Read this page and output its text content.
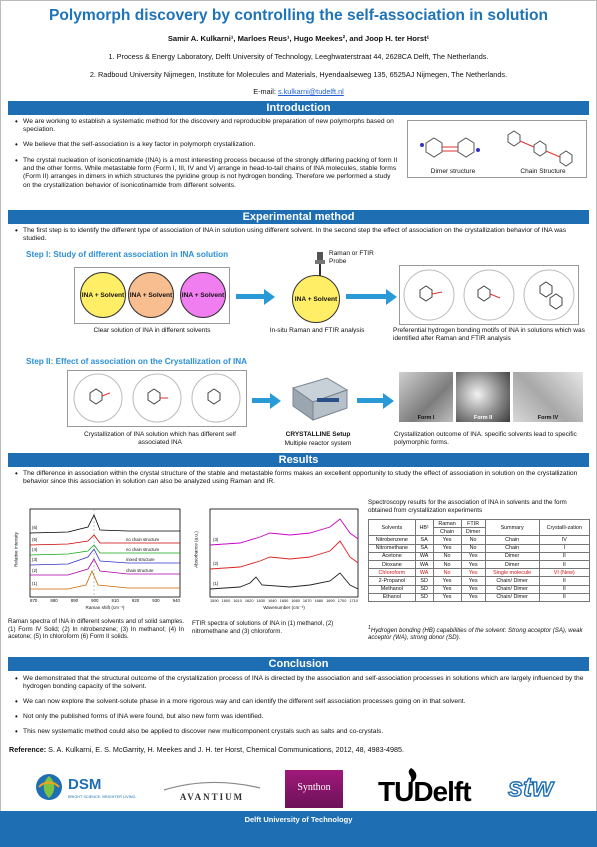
Polymorph discovery by controlling the self-association in solution
Samir A. Kulkarni¹, Marloes Reus¹, Hugo Meekes², and Joop H. ter Horst¹
1. Process & Energy Laboratory, Delft University of Technology, Leeghwaterstraat 44, 2628CA Delft, The Netherlands.
2. Radboud University Nijmegen, Institute for Molecules and Materials, Hyendaalseweg 135, 6525AJ Nijmegen, The Netherlands.
E-mail: s.kulkarni@tudelft.nl
Introduction
• We are working to establish a systematic method for the discovery and reproducible preparation of new polymorphs based on speciation.
• We believe that the self-association is a key factor in polymorph crystallization.
• The crystal nucleation of isonicotinamide (INA) is a most interesting process because of the strongly differing packing of form II and the other forms. While metastable form (Form I, III, IV and V) arrange in head-to-tail chains of INA molecules, stable forms (Form II) arranges in dimers in which structures the pyridine group is not hydrogen bonding. Therefore we performed a study on the crystallization behavior of isonicotinamide from different solvents.
Dimer structure	Chain Structure
Experimental method
• The first step is to identify the different type of association of INA in solution using different solvent. In the second step the effect of association on the crystallization behavior of INA was studied.
Step I: Study of different association in INA solution
INA + Solvent INA + Solvent INA + Solvent
Clear solution of INA in different solvents
Raman or FTIR Probe
INA + Solvent
In-situ Raman and FTIR analysis	Preferential hydrogen bonding motifs of INA in solutions which was identified after Raman and FTIR analysis
Step II: Effect of association on the Crystallization of INA
Crystallization of INA solution which has different self associated INA
CRYSTALLINE Setup
Multiple reactor system
Form I	Form II	Form IV
Crystallization outcome of INA. specific solvents lead to specific polymorphic forms.
Results
• The difference in association within the crystal structure of the stable and metastable forms makes an excellent opportunity to study the effect of association in solution on the crystallization behavior since this association in solution can also be analyzed using Raman and IR.
Relative Intensity
Raman shift (cm⁻¹)
870	880	890	900	910	920	930	940
(6)
(5)
(4)
(3)
(2)
(1)
no chain structure
no chain structure
mixed structure
chain structure
Raman spectra of INA in different solvents and of solid samples. (1) Form IV Solid; (2) In nitrobenzene; (3) In methanol; (4) In acetone; (5) In chloroform (6) Form II solids.
Absorbance (a.u.)
Wavenumber (cm⁻¹)
1590 1600 1610 1620 1630 1640 1650 1660 1670 1680 1690 1700 1710
(3)
(2)
(1)
FTIR spectra of solutions of INA in (1) methanol, (2) nitromethane and (3) chloroform.
Spectroscopy results for the association of INA in solvents and the form obtained from crystallization experiments
Solvents	HB¹	Raman	FTIR	Summary	Crystalli-zation
		Chain	Dimer		
Nitrobenzene	SA	Yes	No	Chain	IV
Nitromethane	SA	Yes	No	Chain	I
Acetone	WA	No	Yes	Dimer	II
Dioxane	WA	No	Yes	Dimer	II
Chloroform	WA	No	Yes	Single molecule	VI (New)
2-Propanol	SD	Yes	Yes	Chain/ Dimer	II
Methanol	SD	Yes	Yes	Chain/ Dimer	II
Ethanol	SD	Yes	Yes	Chain/ Dimer	II
$^1$Hydrogen bonding (HB) capabilities of the solvent: Strong acceptor (SA), weak acceptor (WA), strong donor (SD).
Conclusion
• We demonstrated that the structural outcome of the crystallization process of INA is directed by the association and self-association processes in solutions which are largely influenced by the hydrogen bonding capacity of the solvent.
• We can now explore the solvent-solute phase in a more rigorous way and can identify the different self association processes going on in that solvent.
• Not only the published forms of INA were found, but also new form was identified.
• This new systematic method could also be applied to discover new multicomponent crystals such as salts and co-crystals.
Reference: S. A. Kulkarni, E. S. McGarrity, H. Meekes and J. H. ter Horst, Chemical Communications, 2012, 48, 4983-4985.
DSM
BRIGHT SCIENCE. BRIGHTER LIVING.	AVANTIUM
Synthon	TUDelft stw
Delft University of Technology
